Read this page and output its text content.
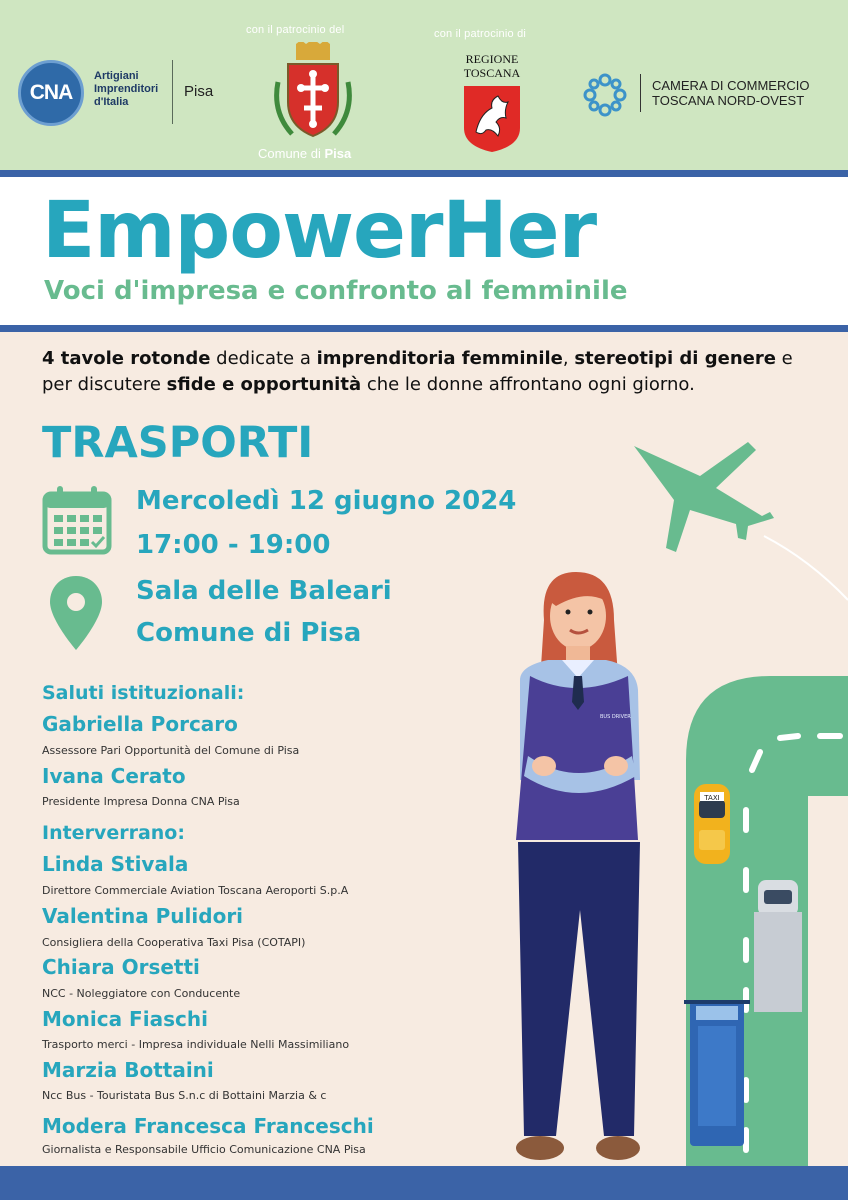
CNA
Artigiani
Imprenditori
d'Italia
Pisa
con il patrocinio del
Comune di Pisa
con il patrocinio di
REGIONE
TOSCANA
CAMERA DI COMMERCIO
TOSCANA NORD-OVEST
EmpowerHer
Voci d'impresa e confronto al femminile
4 tavole rotonde dedicate a imprenditoria femminile, stereotipi di genere e per discutere sfide e opportunità che le donne affrontano ogni giorno.
TRASPORTI
Mercoledì 12 giugno 2024
17:00 - 19:00
Sala delle Baleari
Comune di Pisa
Saluti istituzionali:
Gabriella Porcaro
Assessore Pari Opportunità del Comune di Pisa
Ivana Cerato
Presidente Impresa Donna CNA Pisa
Interverrano:
Linda Stivala
Direttore Commerciale Aviation Toscana Aeroporti S.p.A
Valentina Pulidori
Consigliera della Cooperativa Taxi Pisa (COTAPI)
Chiara Orsetti
NCC - Noleggiatore con Conducente
Monica Fiaschi
Trasporto merci - Impresa individuale Nelli Massimiliano
Marzia Bottaini
Ncc Bus - Touristata Bus S.n.c di Bottaini Marzia & c
Modera Francesca Franceschi
Giornalista e Responsabile Ufficio Comunicazione CNA Pisa
TAXI
BUS DRIVER
